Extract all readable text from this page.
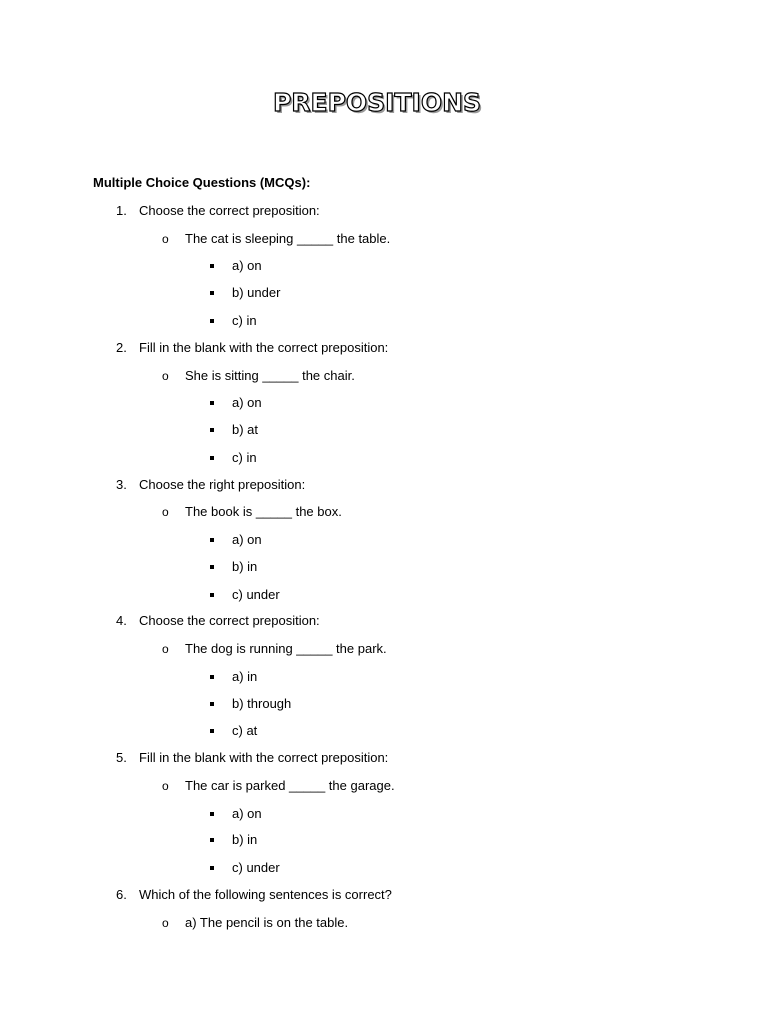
PREPOSITIONS

Multiple Choice Questions (MCQs):

1. Choose the correct preposition:
o	The cat is sleeping _____ the table.
a) on
b) under
c) in
2. Fill in the blank with the correct preposition:
o	She is sitting _____ the chair.
a) on
b) at
c) in
3. Choose the right preposition:
o	The book is _____ the box.
a) on
b) in
c) under
4. Choose the correct preposition:
o	The dog is running _____ the park.
a) in
b) through
c) at
5. Fill in the blank with the correct preposition:
o	The car is parked _____ the garage.
a) on
b) in
c) under
6. Which of the following sentences is correct?
o	a) The pencil is on the table.
